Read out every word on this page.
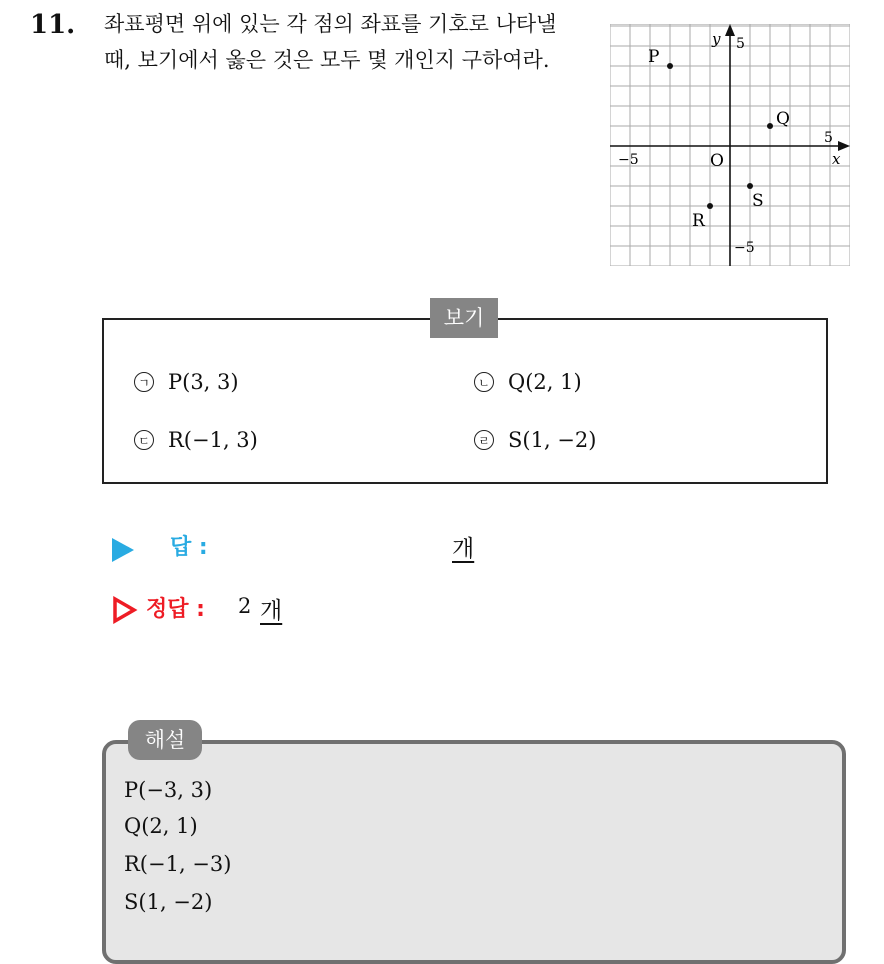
11. 좌표평면 위에 있는 각 점의 좌표를 기호로 나타낼 때, 보기에서 옳은 것은 모두 몇 개인지 구하여라.
y
x
O
5
−5
5
−5
P
Q
R
S
보기
ㄱ P(3, 3)	ㄴ Q(2, 1)
ㄷ R(−1, 3)	ㄹ S(1, −2)
답 :	개
정답 : 2 개
해설
P(−3, 3)
Q(2, 1)
R(−1, −3)
S(1, −2)
